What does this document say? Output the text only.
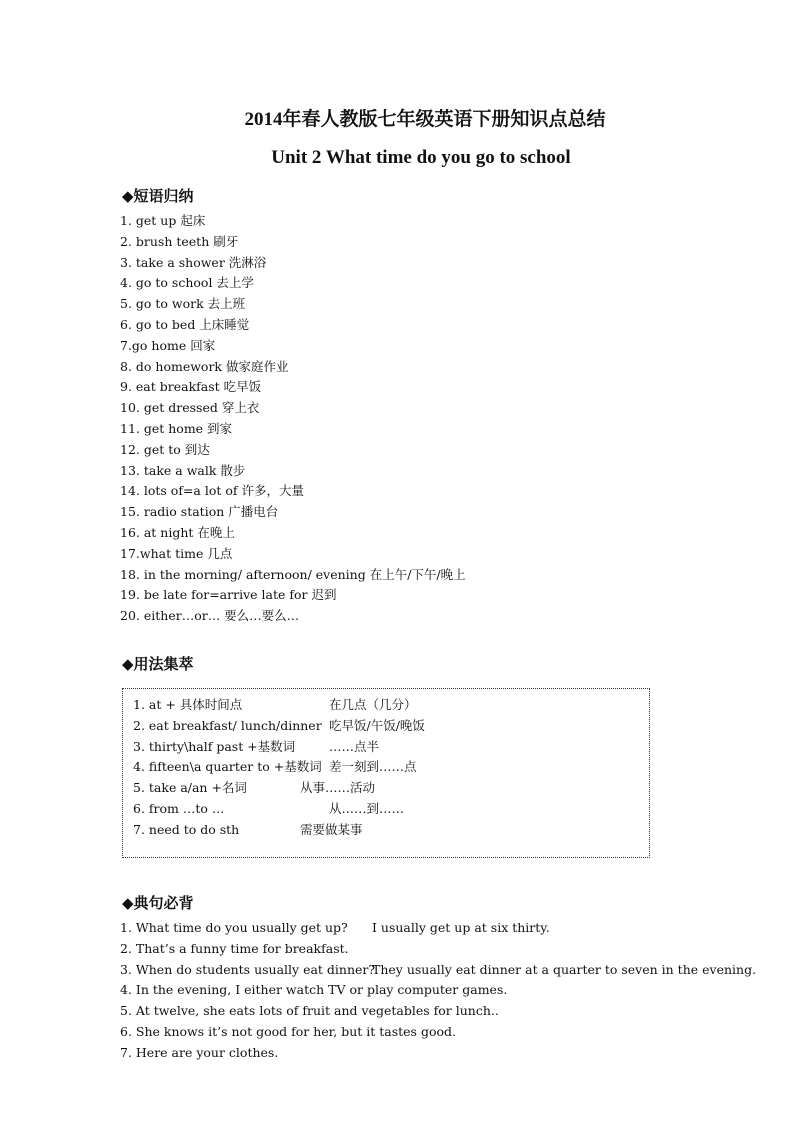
2014年春人教版七年级英语下册知识点总结
Unit 2 What time do you go to school
◆短语归纳
1. get up 起床
2. brush teeth 刷牙
3. take a shower 洗淋浴
4. go to school 去上学
5. go to work 去上班
6. go to bed 上床睡觉
7.go home 回家
8. do homework 做家庭作业
9. eat breakfast 吃早饭
10. get dressed 穿上衣
11. get home 到家
12. get to 到达
13. take a walk 散步
14. lots of=a lot of 许多，大量
15. radio station 广播电台
16. at night 在晚上
17.what time 几点
18. in the morning/ afternoon/ evening 在上午/下午/晚上
19. be late for=arrive late for 迟到
20. either…or… 要么…要么…
◆用法集萃
1. at + 具体时间点	在几点（几分）
2. eat breakfast/ lunch/dinner 吃早饭/午饭/晚饭
3. thirty\half past +基数词	……点半
4. fifteen\a quarter to +基数词 差一刻到……点
5. take a/an +名词	从事……活动
6. from …to …	从……到……
7. need to do sth	需要做某事
◆典句必背
1. What time do you usually get up? I usually get up at six thirty.
2. That’s a funny time for breakfast.
3. When do students usually eat dinner?
They usually eat dinner at a quarter to seven in the evening.
4. In the evening, I either watch TV or play computer games.
5. At twelve, she eats lots of fruit and vegetables for lunch..
6. She knows it’s not good for her, but it tastes good.
7. Here are your clothes.
